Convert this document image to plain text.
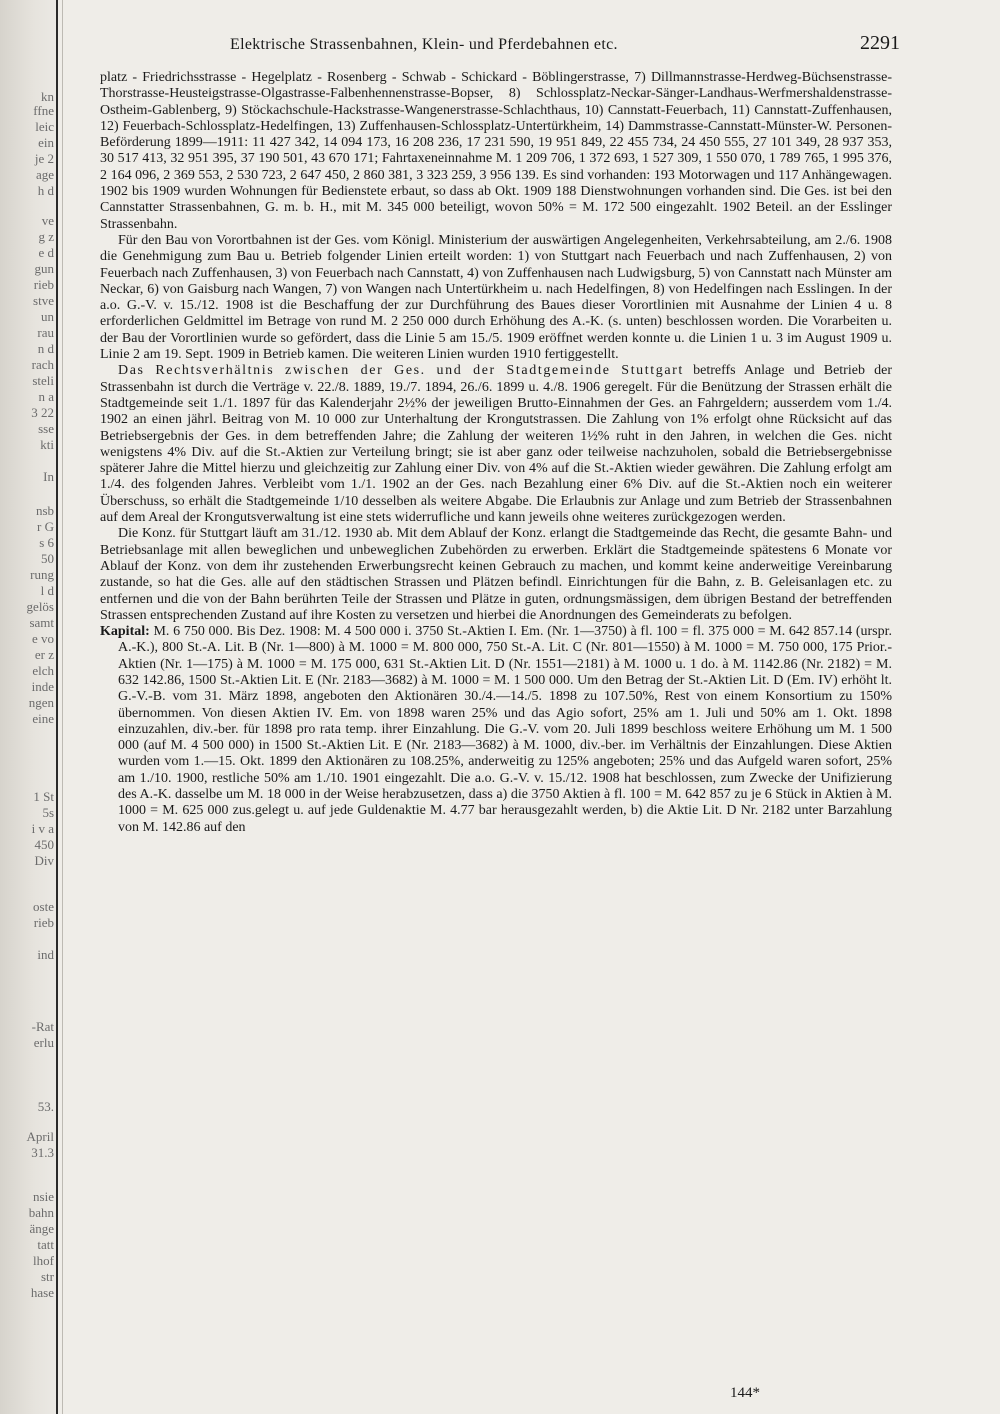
kn
ffne
leic
ein
je 2
age
h d
ve
g z
e d
gun
rieb
stve
un
rau
n d
rach
steli
n a
3 22
sse
kti
In
nsb
r G
s 6
50
rung
l d
gelös
samt
e vo
er z
elch
inde
ngen
eine
1 St
5s
i v a
450
Div
oste
rieb
ind
-Rat
erlu
53.
April
31.3
nsie
bahn
änge
tatt
lhof
str
hase
Elektrische Strassenbahnen, Klein- und Pferdebahnen etc.	2291

platz - Friedrichsstrasse - Hegelplatz - Rosenberg - Schwab - Schickard - Böblingerstrasse, 7) Dillmannstrasse-Herdweg-Büchsenstrasse-Thorstrasse-Heusteigstrasse-Olgastrasse-Falbenhennenstrasse-Bopser, 8) Schlossplatz-Neckar-Sänger-Landhaus-Werfmershaldenstrasse-Ostheim-Gablenberg, 9) Stöckachschule-Hackstrasse-Wangenerstrasse-Schlachthaus, 10) Cannstatt-Feuerbach, 11) Cannstatt-Zuffenhausen, 12) Feuerbach-Schlossplatz-Hedelfingen, 13) Zuffenhausen-Schlossplatz-Untertürkheim, 14) Dammstrasse-Cannstatt-Münster-W. Personen-Beförderung 1899—1911: 11 427 342, 14 094 173, 16 208 236, 17 231 590, 19 951 849, 22 455 734, 24 450 555, 27 101 349, 28 937 353, 30 517 413, 32 951 395, 37 190 501, 43 670 171; Fahrtaxeneinnahme M. 1 209 706, 1 372 693, 1 527 309, 1 550 070, 1 789 765, 1 995 376, 2 164 096, 2 369 553, 2 530 723, 2 647 450, 2 860 381, 3 323 259, 3 956 139. Es sind vorhanden: 193 Motorwagen und 117 Anhängewagen. 1902 bis 1909 wurden Wohnungen für Bedienstete erbaut, so dass ab Okt. 1909 188 Dienstwohnungen vorhanden sind. Die Ges. ist bei den Cannstatter Strassenbahnen, G. m. b. H., mit M. 345 000 beteiligt, wovon 50% = M. 172 500 eingezahlt. 1902 Beteil. an der Esslinger Strassenbahn.

Für den Bau von Vorortbahnen ist der Ges. vom Königl. Ministerium der auswärtigen Angelegenheiten, Verkehrsabteilung, am 2./6. 1908 die Genehmigung zum Bau u. Betrieb folgender Linien erteilt worden: 1) von Stuttgart nach Feuerbach und nach Zuffenhausen, 2) von Feuerbach nach Zuffenhausen, 3) von Feuerbach nach Cannstatt, 4) von Zuffenhausen nach Ludwigsburg, 5) von Cannstatt nach Münster am Neckar, 6) von Gaisburg nach Wangen, 7) von Wangen nach Untertürkheim u. nach Hedelfingen, 8) von Hedelfingen nach Esslingen. In der a.o. G.-V. v. 15./12. 1908 ist die Beschaffung der zur Durchführung des Baues dieser Vorortlinien mit Ausnahme der Linien 4 u. 8 erforderlichen Geldmittel im Betrage von rund M. 2 250 000 durch Erhöhung des A.-K. (s. unten) beschlossen worden. Die Vorarbeiten u. der Bau der Vorortlinien wurde so gefördert, dass die Linie 5 am 15./5. 1909 eröffnet werden konnte u. die Linien 1 u. 3 im August 1909 u. Linie 2 am 19. Sept. 1909 in Betrieb kamen. Die weiteren Linien wurden 1910 fertiggestellt.

Das Rechtsverhältnis zwischen der Ges. und der Stadtgemeinde Stuttgart betreffs Anlage und Betrieb der Strassenbahn ist durch die Verträge v. 22./8. 1889, 19./7. 1894, 26./6. 1899 u. 4./8. 1906 geregelt. Für die Benützung der Strassen erhält die Stadtgemeinde seit 1./1. 1897 für das Kalenderjahr 2½% der jeweiligen Brutto-Einnahmen der Ges. an Fahrgeldern; ausserdem vom 1./4. 1902 an einen jährl. Beitrag von M. 10 000 zur Unterhaltung der Krongutstrassen. Die Zahlung von 1% erfolgt ohne Rücksicht auf das Betriebsergebnis der Ges. in dem betreffenden Jahre; die Zahlung der weiteren 1½% ruht in den Jahren, in welchen die Ges. nicht wenigstens 4% Div. auf die St.-Aktien zur Verteilung bringt; sie ist aber ganz oder teilweise nachzuholen, sobald die Betriebsergebnisse späterer Jahre die Mittel hierzu und gleichzeitig zur Zahlung einer Div. von 4% auf die St.-Aktien wieder gewähren. Die Zahlung erfolgt am 1./4. des folgenden Jahres. Verbleibt vom 1./1. 1902 an der Ges. nach Bezahlung einer 6% Div. auf die St.-Aktien noch ein weiterer Überschuss, so erhält die Stadtgemeinde 1/10 desselben als weitere Abgabe. Die Erlaubnis zur Anlage und zum Betrieb der Strassenbahnen auf dem Areal der Krongutsverwaltung ist eine stets widerrufliche und kann jeweils ohne weiteres zurückgezogen werden.

Die Konz. für Stuttgart läuft am 31./12. 1930 ab. Mit dem Ablauf der Konz. erlangt die Stadtgemeinde das Recht, die gesamte Bahn- und Betriebsanlage mit allen beweglichen und unbeweglichen Zubehörden zu erwerben. Erklärt die Stadtgemeinde spätestens 6 Monate vor Ablauf der Konz. von dem ihr zustehenden Erwerbungsrecht keinen Gebrauch zu machen, und kommt keine anderweitige Vereinbarung zustande, so hat die Ges. alle auf den städtischen Strassen und Plätzen befindl. Einrichtungen für die Bahn, z. B. Geleisanlagen etc. zu entfernen und die von der Bahn berührten Teile der Strassen und Plätze in guten, ordnungsmässigen, dem übrigen Bestand der betreffenden Strassen entsprechenden Zustand auf ihre Kosten zu versetzen und hierbei die Anordnungen des Gemeinderats zu befolgen.

Kapital: M. 6 750 000. Bis Dez. 1908: M. 4 500 000 i. 3750 St.-Aktien I. Em. (Nr. 1—3750) à fl. 100 = fl. 375 000 = M. 642 857.14 (urspr. A.-K.), 800 St.-A. Lit. B (Nr. 1—800) à M. 1000 = M. 800 000, 750 St.-A. Lit. C (Nr. 801—1550) à M. 1000 = M. 750 000, 175 Prior.-Aktien (Nr. 1—175) à M. 1000 = M. 175 000, 631 St.-Aktien Lit. D (Nr. 1551—2181) à M. 1000 u. 1 do. à M. 1142.86 (Nr. 2182) = M. 632 142.86, 1500 St.-Aktien Lit. E (Nr. 2183—3682) à M. 1000 = M. 1 500 000. Um den Betrag der St.-Aktien Lit. D (Em. IV) erhöht lt. G.-V.-B. vom 31. März 1898, angeboten den Aktionären 30./4.—14./5. 1898 zu 107.50%, Rest von einem Konsortium zu 150% übernommen. Von diesen Aktien IV. Em. von 1898 waren 25% und das Agio sofort, 25% am 1. Juli und 50% am 1. Okt. 1898 einzuzahlen, div.-ber. für 1898 pro rata temp. ihrer Einzahlung. Die G.-V. vom 20. Juli 1899 beschloss weitere Erhöhung um M. 1 500 000 (auf M. 4 500 000) in 1500 St.-Aktien Lit. E (Nr. 2183—3682) à M. 1000, div.-ber. im Verhältnis der Einzahlungen. Diese Aktien wurden vom 1.—15. Okt. 1899 den Aktionären zu 108.25%, anderweitig zu 125% angeboten; 25% und das Aufgeld waren sofort, 25% am 1./10. 1900, restliche 50% am 1./10. 1901 eingezahlt. Die a.o. G.-V. v. 15./12. 1908 hat beschlossen, zum Zwecke der Unifizierung des A.-K. dasselbe um M. 18 000 in der Weise herabzusetzen, dass a) die 3750 Aktien à fl. 100 = M. 642 857 zu je 6 Stück in Aktien à M. 1000 = M. 625 000 zus.gelegt u. auf jede Guldenaktie M. 4.77 bar herausgezahlt werden, b) die Aktie Lit. D Nr. 2182 unter Barzahlung von M. 142.86 auf den

144*
